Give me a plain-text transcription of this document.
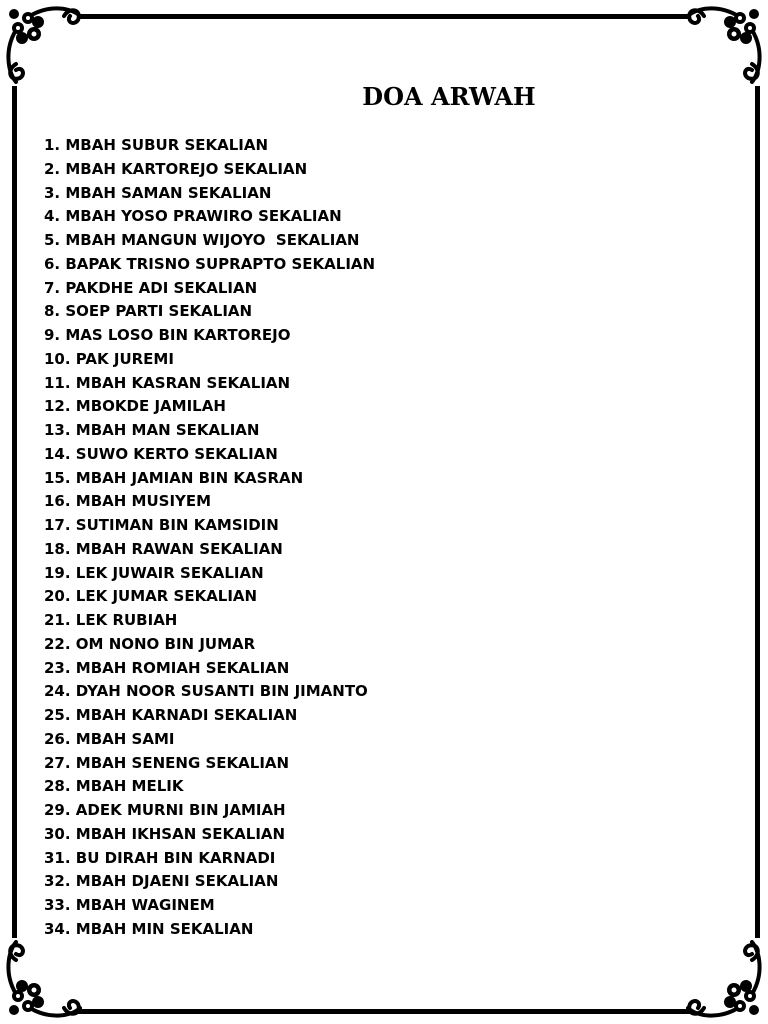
DOA ARWAH
1. MBAH SUBUR SEKALIAN
2. MBAH KARTOREJO SEKALIAN
3. MBAH SAMAN SEKALIAN
4. MBAH YOSO PRAWIRO SEKALIAN
5. MBAH MANGUN WIJOYO  SEKALIAN
6. BAPAK TRISNO SUPRAPTO SEKALIAN
7. PAKDHE ADI SEKALIAN
8. SOEP PARTI SEKALIAN
9. MAS LOSO BIN KARTOREJO
10. PAK JUREMI
11. MBAH KASRAN SEKALIAN
12. MBOKDE JAMILAH
13. MBAH MAN SEKALIAN
14. SUWO KERTO SEKALIAN
15. MBAH JAMIAN BIN KASRAN
16. MBAH MUSIYEM
17. SUTIMAN BIN KAMSIDIN
18. MBAH RAWAN SEKALIAN
19. LEK JUWAIR SEKALIAN
20. LEK JUMAR SEKALIAN
21. LEK RUBIAH
22. OM NONO BIN JUMAR
23. MBAH ROMIAH SEKALIAN
24. DYAH NOOR SUSANTI BIN JIMANTO
25. MBAH KARNADI SEKALIAN
26. MBAH SAMI
27. MBAH SENENG SEKALIAN
28. MBAH MELIK
29. ADEK MURNI BIN JAMIAH
30. MBAH IKHSAN SEKALIAN
31. BU DIRAH BIN KARNADI
32. MBAH DJAENI SEKALIAN
33. MBAH WAGINEM
34. MBAH MIN SEKALIAN
